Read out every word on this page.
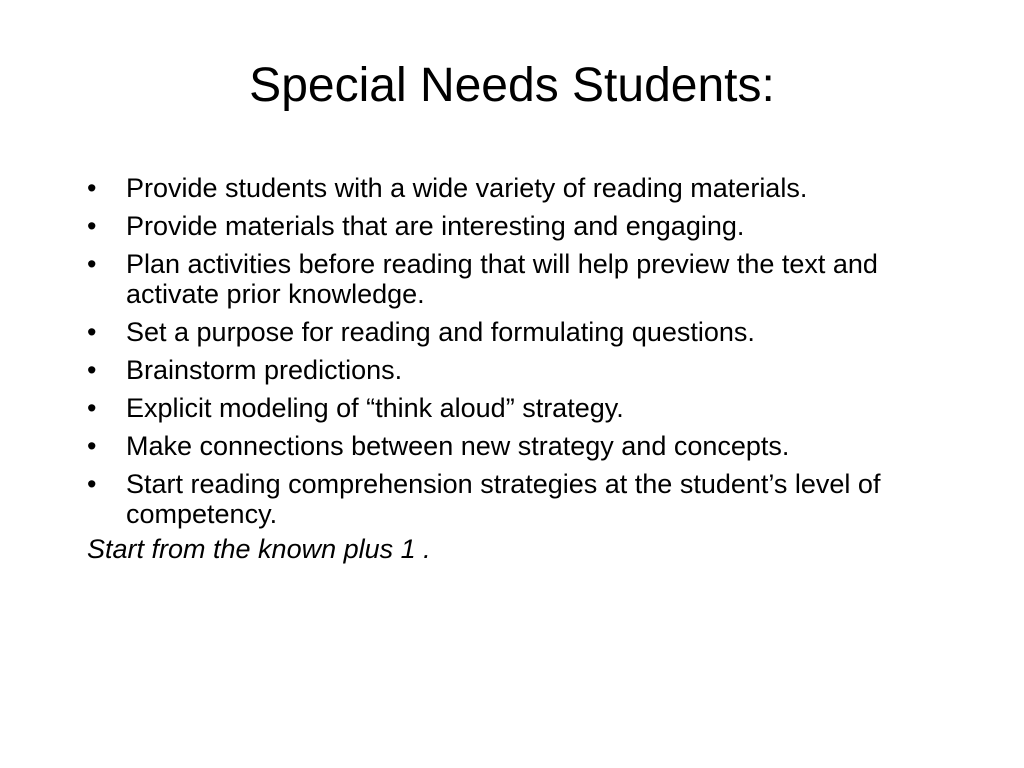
Special Needs Students:
• Provide students with a wide variety of reading materials.
• Provide materials that are interesting and engaging.
• Plan activities before reading that will help preview the text and activate prior knowledge.
• Set a purpose for reading and formulating questions.
• Brainstorm predictions.
• Explicit modeling of “think aloud” strategy.
• Make connections between new strategy and concepts.
• Start reading comprehension strategies at the student’s level of competency.

Start from the known plus 1 .
